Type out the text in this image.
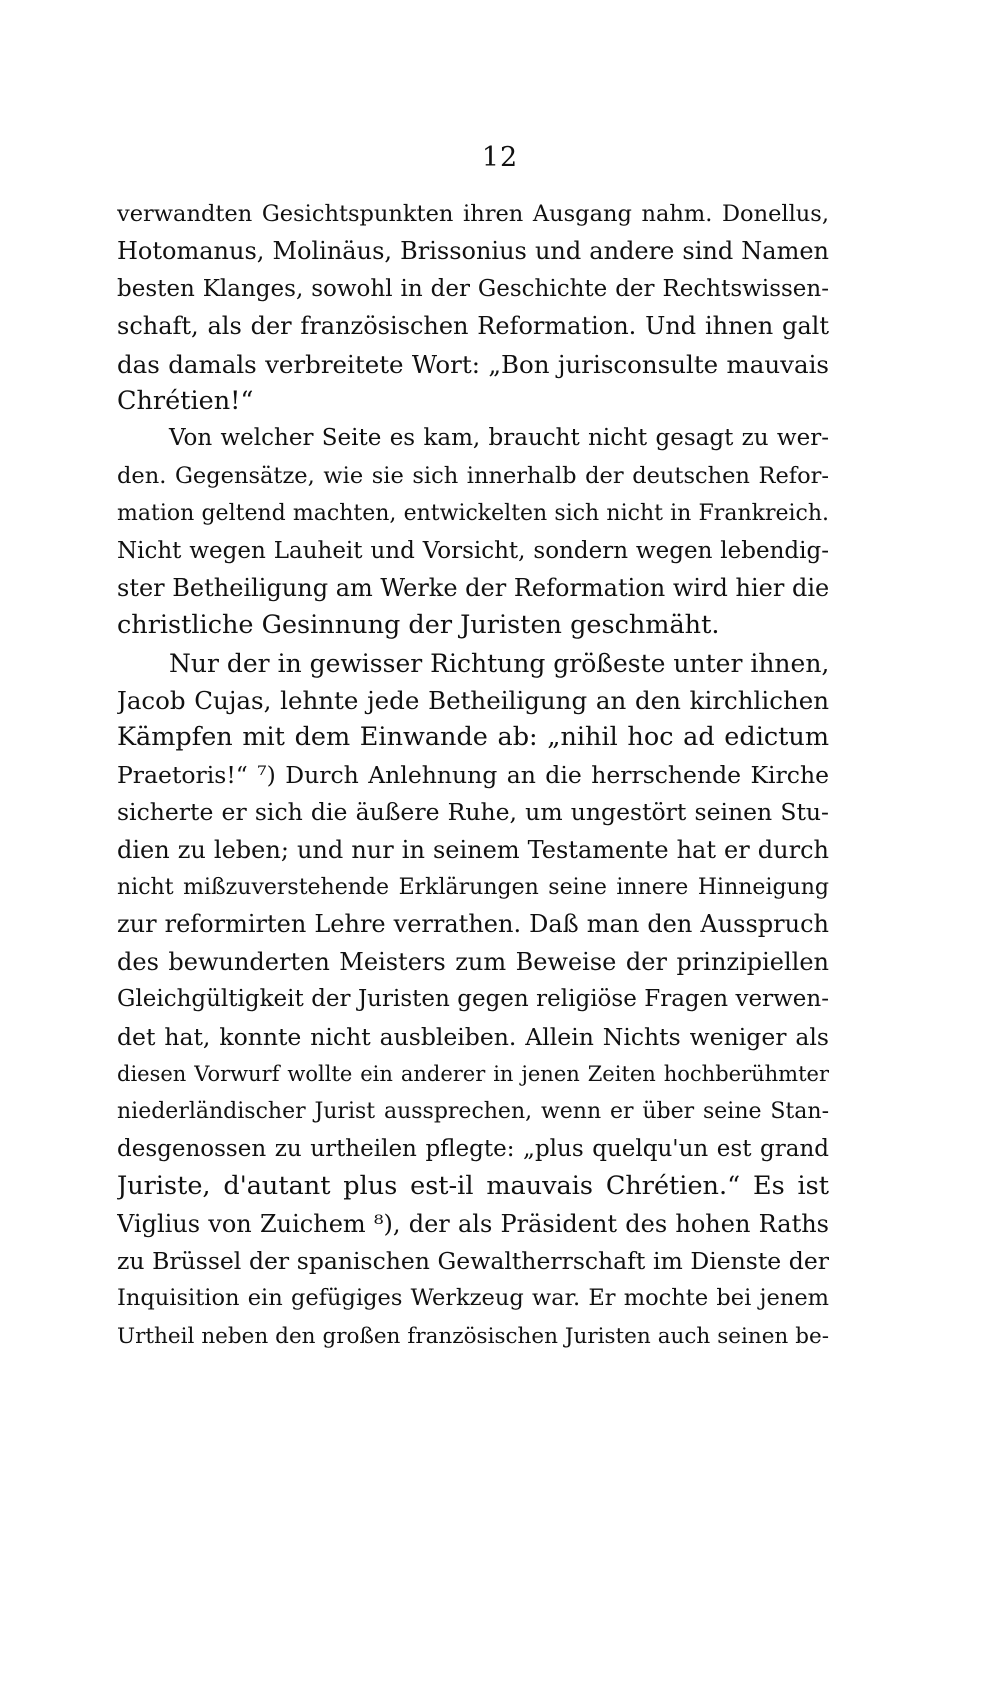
12
verwandten Gesichtspunkten ihren Ausgang nahm. Donellus,
Hotomanus, Molinäus, Brissonius und andere sind Namen
besten Klanges, sowohl in der Geschichte der Rechtswissen-
schaft, als der französischen Reformation. Und ihnen galt
das damals verbreitete Wort: „Bon jurisconsulte mauvais
Chrétien!“
Von welcher Seite es kam, braucht nicht gesagt zu wer-
den. Gegensätze, wie sie sich innerhalb der deutschen Refor-
mation geltend machten, entwickelten sich nicht in Frankreich.
Nicht wegen Lauheit und Vorsicht, sondern wegen lebendig-
ster Betheiligung am Werke der Reformation wird hier die
christliche Gesinnung der Juristen geschmäht.
Nur der in gewisser Richtung größeste unter ihnen,
Jacob Cujas, lehnte jede Betheiligung an den kirchlichen
Kämpfen mit dem Einwande ab: „nihil hoc ad edictum
Praetoris!“ ⁷) Durch Anlehnung an die herrschende Kirche
sicherte er sich die äußere Ruhe, um ungestört seinen Stu-
dien zu leben; und nur in seinem Testamente hat er durch
nicht mißzuverstehende Erklärungen seine innere Hinneigung
zur reformirten Lehre verrathen. Daß man den Ausspruch
des bewunderten Meisters zum Beweise der prinzipiellen
Gleichgültigkeit der Juristen gegen religiöse Fragen verwen-
det hat, konnte nicht ausbleiben. Allein Nichts weniger als
diesen Vorwurf wollte ein anderer in jenen Zeiten hochberühmter
niederländischer Jurist aussprechen, wenn er über seine Stan-
desgenossen zu urtheilen pflegte: „plus quelqu'un est grand
Juriste, d'autant plus est-il mauvais Chrétien.“ Es ist
Viglius von Zuichem ⁸), der als Präsident des hohen Raths
zu Brüssel der spanischen Gewaltherrschaft im Dienste der
Inquisition ein gefügiges Werkzeug war. Er mochte bei jenem
Urtheil neben den großen französischen Juristen auch seinen be-
